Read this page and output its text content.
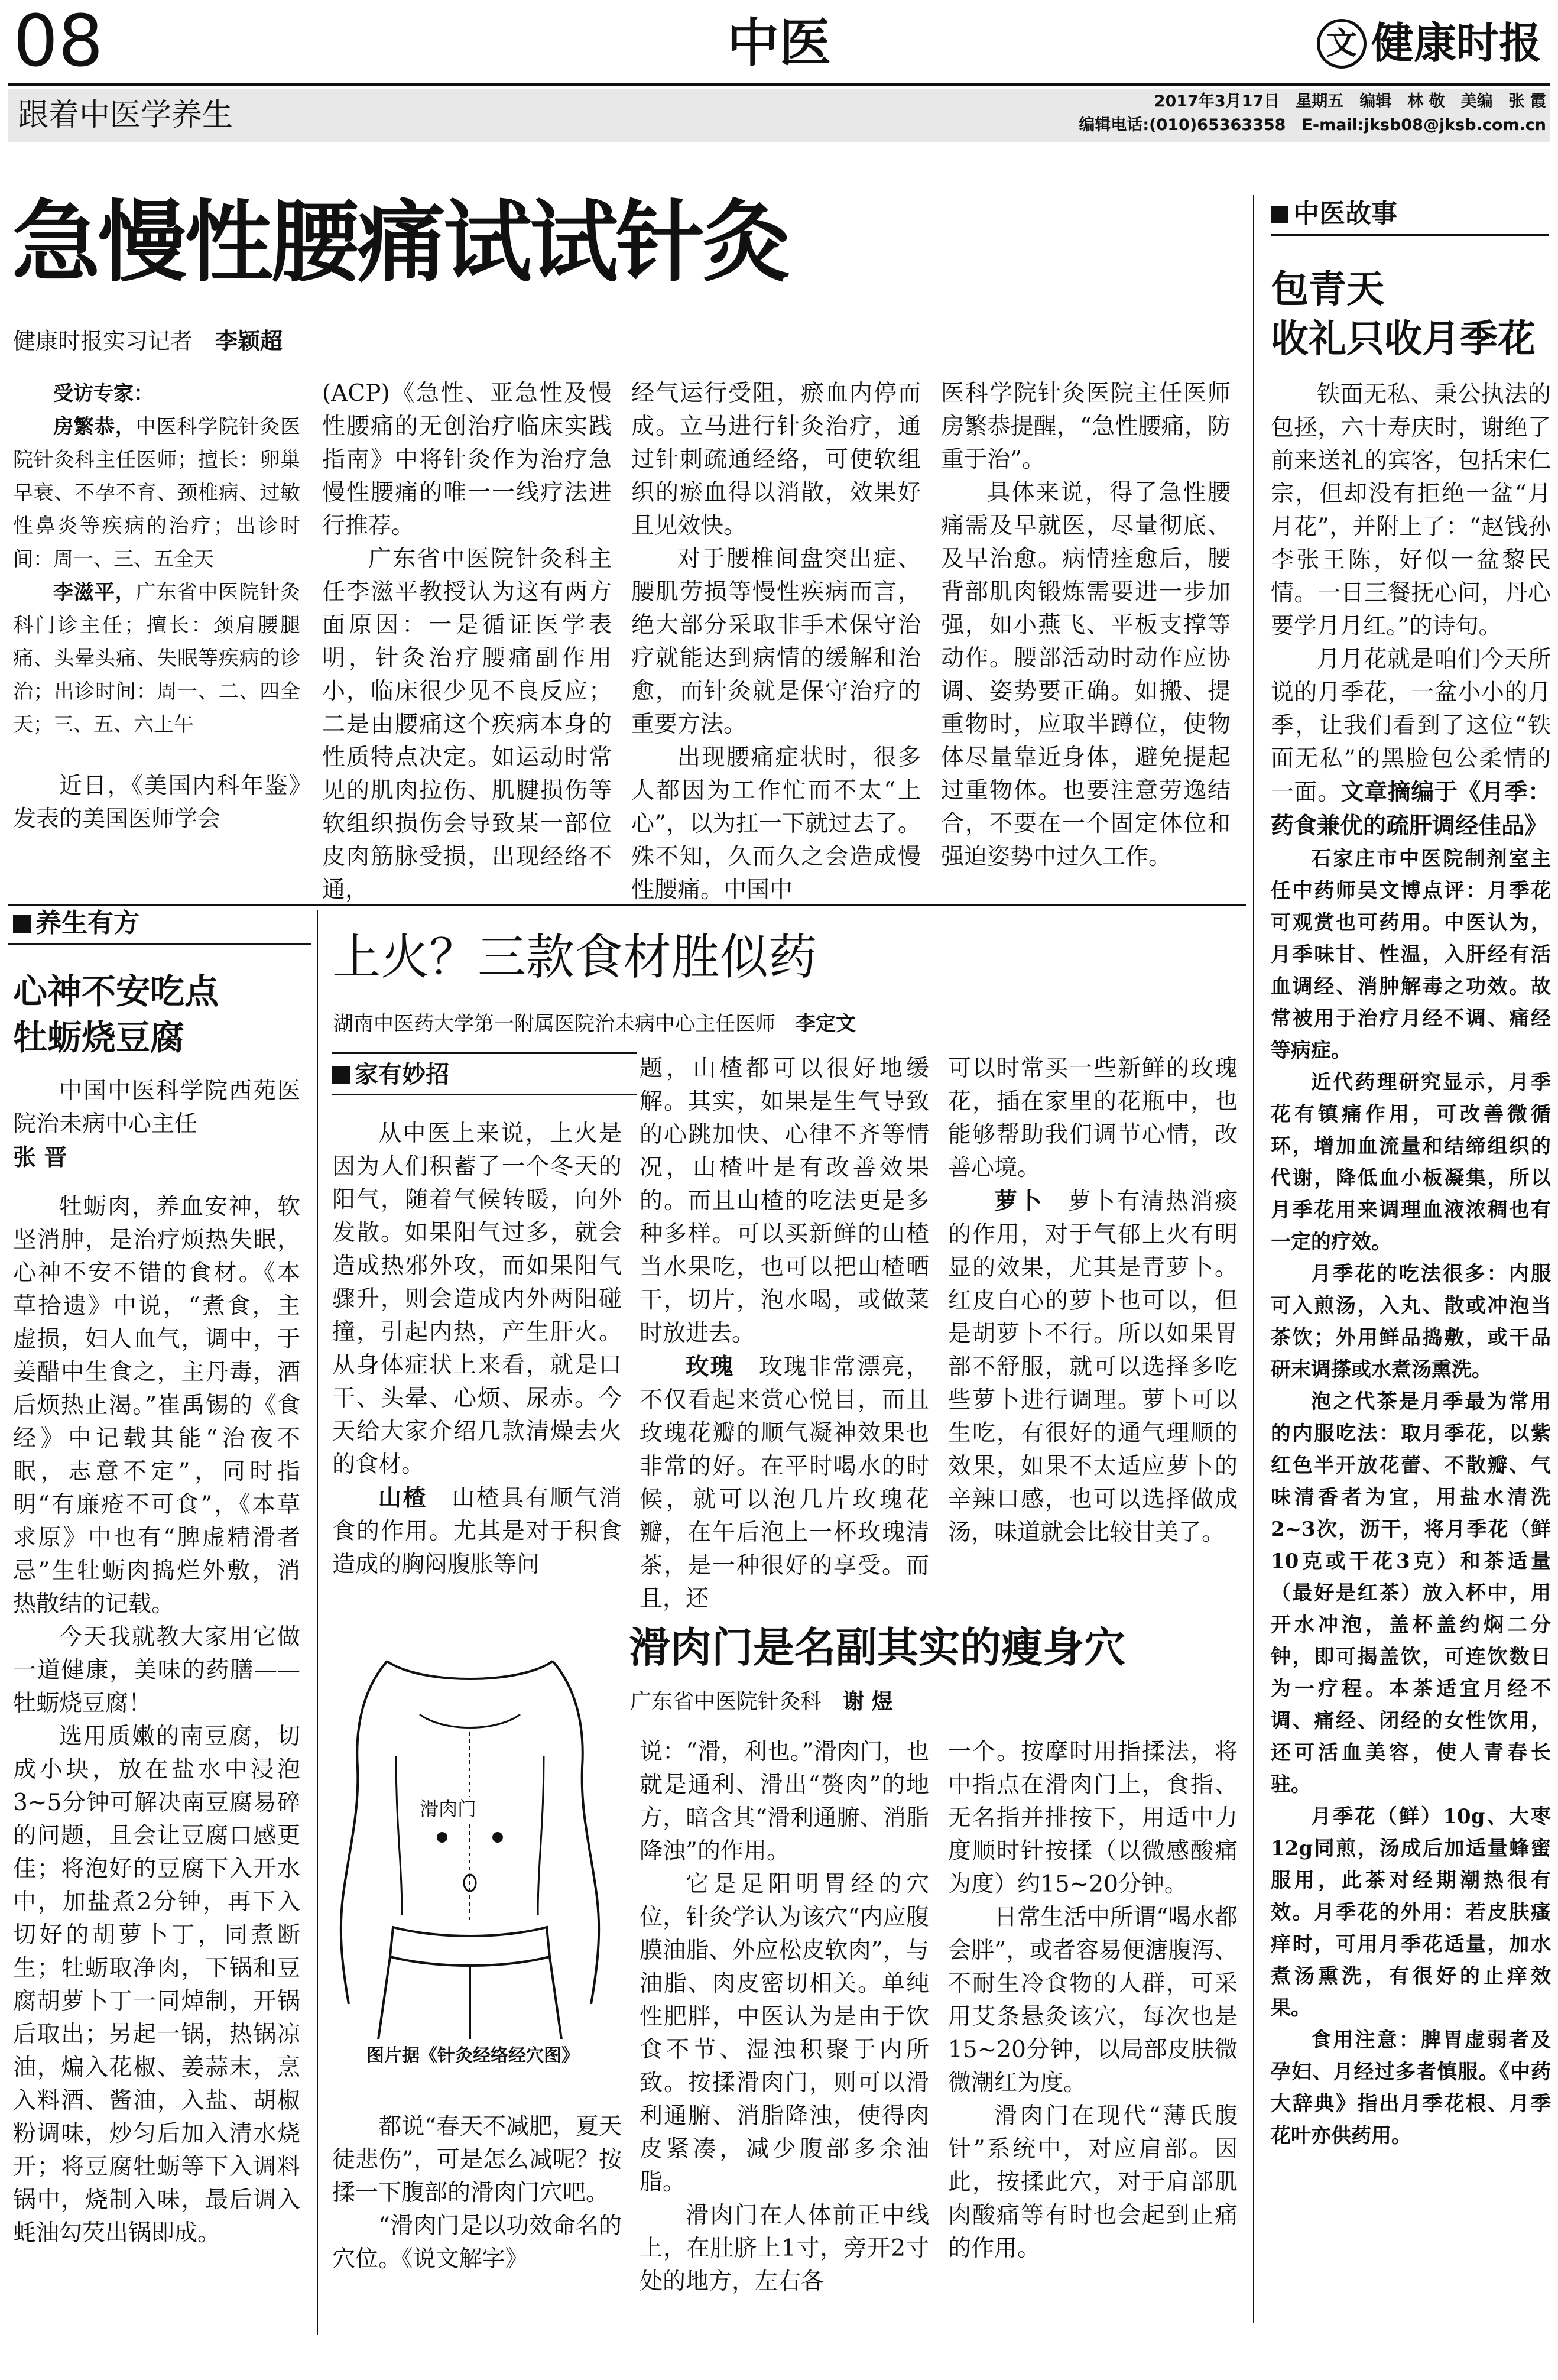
08	中医	文 健康时报
跟着中医学养生	2017年3月17日　星期五　编辑　林 敬　美编　张 霞
编辑电话:(010)65363358　E-mail:jksb08@jksb.com.cn
急慢性腰痛试试针灸
健康时报实习记者　 李颖超

受访专家：

房繁恭，中医科学院针灸医院针灸科主任医师；擅长：卵巢早衰、不孕不育、颈椎病、过敏性鼻炎等疾病的治疗；出诊时间：周一、三、五全天

李滋平，广东省中医院针灸科门诊主任；擅长：颈肩腰腿痛、头晕头痛、失眠等疾病的诊治；出诊时间：周一、二、四全天；三、五、六上午

近日，《美国内科年鉴》发表的美国医师学会

(ACP)《急性、亚急性及慢性腰痛的无创治疗临床实践指南》中将针灸作为治疗急慢性腰痛的唯一一线疗法进行推荐。

广东省中医院针灸科主任李滋平教授认为这有两方面原因：一是循证医学表明，针灸治疗腰痛副作用小，临床很少见不良反应；二是由腰痛这个疾病本身的性质特点决定。如运动时常见的肌肉拉伤、肌腱损伤等软组织损伤会导致某一部位皮肉筋脉受损，出现经络不通，

经气运行受阻，瘀血内停而成。立马进行针灸治疗，通过针刺疏通经络，可使软组织的瘀血得以消散，效果好且见效快。

对于腰椎间盘突出症、腰肌劳损等慢性疾病而言，绝大部分采取非手术保守治疗就能达到病情的缓解和治愈，而针灸就是保守治疗的重要方法。

出现腰痛症状时，很多人都因为工作忙而不太“上心”，以为扛一下就过去了。殊不知，久而久之会造成慢性腰痛。中国中

医科学院针灸医院主任医师房繁恭提醒，“急性腰痛，防重于治”。

具体来说，得了急性腰痛需及早就医，尽量彻底、及早治愈。病情痊愈后，腰背部肌肉锻炼需要进一步加强，如小燕飞、平板支撑等动作。腰部活动时动作应协调、姿势要正确。如搬、提重物时，应取半蹲位，使物体尽量靠近身体，避免提起过重物体。也要注意劳逸结合，不要在一个固定体位和强迫姿势中过久工作。

中医故事
包青天
收礼只收月季花

铁面无私、秉公执法的包拯，六十寿庆时，谢绝了前来送礼的宾客，包括宋仁宗，但却没有拒绝一盆“月月花”，并附上了：“赵钱孙李张王陈，好似一盆黎民情。一日三餐抚心问，丹心要学月月红。”的诗句。

月月花就是咱们今天所说的月季花，一盆小小的月季，让我们看到了这位“铁面无私”的黑脸包公柔情的一面。文章摘编于《月季：药食兼优的疏肝调经佳品》

石家庄市中医院制剂室主任中药师吴文博点评：月季花可观赏也可药用。中医认为，月季味甘、性温，入肝经有活血调经、消肿解毒之功效。故常被用于治疗月经不调、痛经等病症。

近代药理研究显示，月季花有镇痛作用，可改善微循环，增加血流量和结缔组织的代谢，降低血小板凝集，所以月季花用来调理血液浓稠也有一定的疗效。

月季花的吃法很多：内服可入煎汤，入丸、散或冲泡当茶饮；外用鲜品捣敷，或干品研末调搽或水煮汤熏洗。

泡之代茶是月季最为常用的内服吃法：取月季花，以紫红色半开放花蕾、不散瓣、气味清香者为宜，用盐水清洗2~3次，沥干，将月季花（鲜10克或干花3克）和茶适量（最好是红茶）放入杯中，用开水冲泡，盖杯盖约焖二分钟，即可揭盖饮，可连饮数日为一疗程。本茶适宜月经不调、痛经、闭经的女性饮用，还可活血美容，使人青春长驻。

月季花（鲜）10g、大枣12g同煎，汤成后加适量蜂蜜服用，此茶对经期潮热很有效。月季花的外用：若皮肤瘙痒时，可用月季花适量，加水煮汤熏洗，有很好的止痒效果。

食用注意：脾胃虚弱者及孕妇、月经过多者慎服。《中药大辞典》指出月季花根、月季花叶亦供药用。

养生有方
心神不安吃点
牡蛎烧豆腐

中国中医科学院西苑医院治未病中心主任

张 晋

牡蛎肉，养血安神，软坚消肿，是治疗烦热失眠，心神不安不错的食材。《本草拾遗》中说，“煮食，主虚损，妇人血气，调中，于姜醋中生食之，主丹毒，酒后烦热止渴。”崔禹锡的《食经》中记载其能“治夜不眠，志意不定”，同时指明“有廉疮不可食”，《本草求原》中也有“脾虚精滑者忌”生牡蛎肉捣烂外敷，消热散结的记载。

今天我就教大家用它做一道健康，美味的药膳——牡蛎烧豆腐！

选用质嫩的南豆腐，切成小块，放在盐水中浸泡3~5分钟可解决南豆腐易碎的问题，且会让豆腐口感更佳；将泡好的豆腐下入开水中，加盐煮2分钟，再下入切好的胡萝卜丁，同煮断生；牡蛎取净肉，下锅和豆腐胡萝卜丁一同焯制，开锅后取出；另起一锅，热锅凉油，煸入花椒、姜蒜末，烹入料酒、酱油，入盐、胡椒粉调味，炒匀后加入清水烧开；将豆腐牡蛎等下入调料锅中，烧制入味，最后调入蚝油勾芡出锅即成。

上火？三款食材胜似药
湖南中医药大学第一附属医院治未病中心主任医师　 李定文
家有妙招

从中医上来说，上火是因为人们积蓄了一个冬天的阳气，随着气候转暖，向外发散。如果阳气过多，就会造成热邪外攻，而如果阳气骤升，则会造成内外两阳碰撞，引起内热，产生肝火。从身体症状上来看，就是口干、头晕、心烦、尿赤。今天给大家介绍几款清燥去火的食材。

山楂　 山楂具有顺气消食的作用。尤其是对于积食造成的胸闷腹胀等问

题，山楂都可以很好地缓解。其实，如果是生气导致的心跳加快、心律不齐等情况，山楂叶是有改善效果的。而且山楂的吃法更是多种多样。可以买新鲜的山楂当水果吃，也可以把山楂晒干，切片，泡水喝，或做菜时放进去。

玫瑰　 玫瑰非常漂亮，不仅看起来赏心悦目，而且玫瑰花瓣的顺气凝神效果也非常的好。在平时喝水的时候，就可以泡几片玫瑰花瓣，在午后泡上一杯玫瑰清茶，是一种很好的享受。而且，还

可以时常买一些新鲜的玫瑰花，插在家里的花瓶中，也能够帮助我们调节心情，改善心境。

萝卜　 萝卜有清热消痰的作用，对于气郁上火有明显的效果，尤其是青萝卜。红皮白心的萝卜也可以，但是胡萝卜不行。所以如果胃部不舒服，就可以选择多吃些萝卜进行调理。萝卜可以生吃，有很好的通气理顺的效果，如果不太适应萝卜的辛辣口感，也可以选择做成汤，味道就会比较甘美了。

滑肉门是名副其实的瘦身穴
广东省中医院针灸科　 谢 煜
滑肉门
图片据《针灸经络经穴图》

都说“春天不减肥，夏天徒悲伤”，可是怎么减呢？按揉一下腹部的滑肉门穴吧。

“滑肉门是以功效命名的穴位。《说文解字》

说：“滑，利也。”滑肉门，也就是通利、滑出“赘肉”的地方，暗含其“滑利通腑、消脂降浊”的作用。

它是足阳明胃经的穴位，针灸学认为该穴“内应腹膜油脂、外应松皮软肉”，与油脂、肉皮密切相关。单纯性肥胖，中医认为是由于饮食不节、湿浊积聚于内所致。按揉滑肉门，则可以滑利通腑、消脂降浊，使得肉皮紧凑，减少腹部多余油脂。

滑肉门在人体前正中线上，在肚脐上1寸，旁开2寸处的地方，左右各

一个。按摩时用指揉法，将中指点在滑肉门上，食指、无名指并排按下，用适中力度顺时针按揉（以微感酸痛为度）约15~20分钟。

日常生活中所谓“喝水都会胖”，或者容易便溏腹泻、不耐生冷食物的人群，可采用艾条悬灸该穴，每次也是15~20分钟，以局部皮肤微微潮红为度。

滑肉门在现代“薄氏腹针”系统中，对应肩部。因此，按揉此穴，对于肩部肌肉酸痛等有时也会起到止痛的作用。
